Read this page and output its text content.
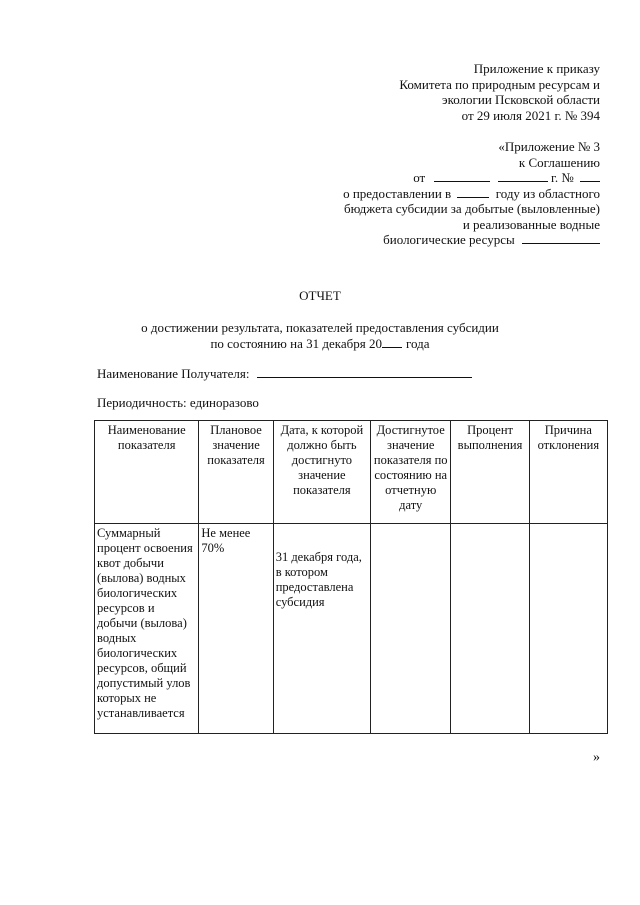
Приложение к приказу
Комитета по природным ресурсам и
экологии Псковской области
от 29 июля 2021 г. № 394
«Приложение № 3
к Соглашению
от	г. №
о предоставлении в	году из областного
бюджета субсидии за добытые (выловленные)
и реализованные водные
биологические ресурсы
ОТЧЕТ
о достижении результата, показателей предоставления субсидии
по состоянию на 31 декабря 20 года
Наименование Получателя:
Периодичность: единоразово
Наименование показателя	Плановое значение показателя	Дата, к которой должно быть достигнуто значение показателя	Достигнутое значение показателя по состоянию на отчетную дату	Процент выполнения	Причина отклонения
Суммарный процент освоения квот добычи (вылова) водных биологических ресурсов и добычи (вылова) водных биологических ресурсов, общий допустимый улов которых не устанавливается	Не менее 70%	31 декабря года, в котором предоставлена субсидия			

»
